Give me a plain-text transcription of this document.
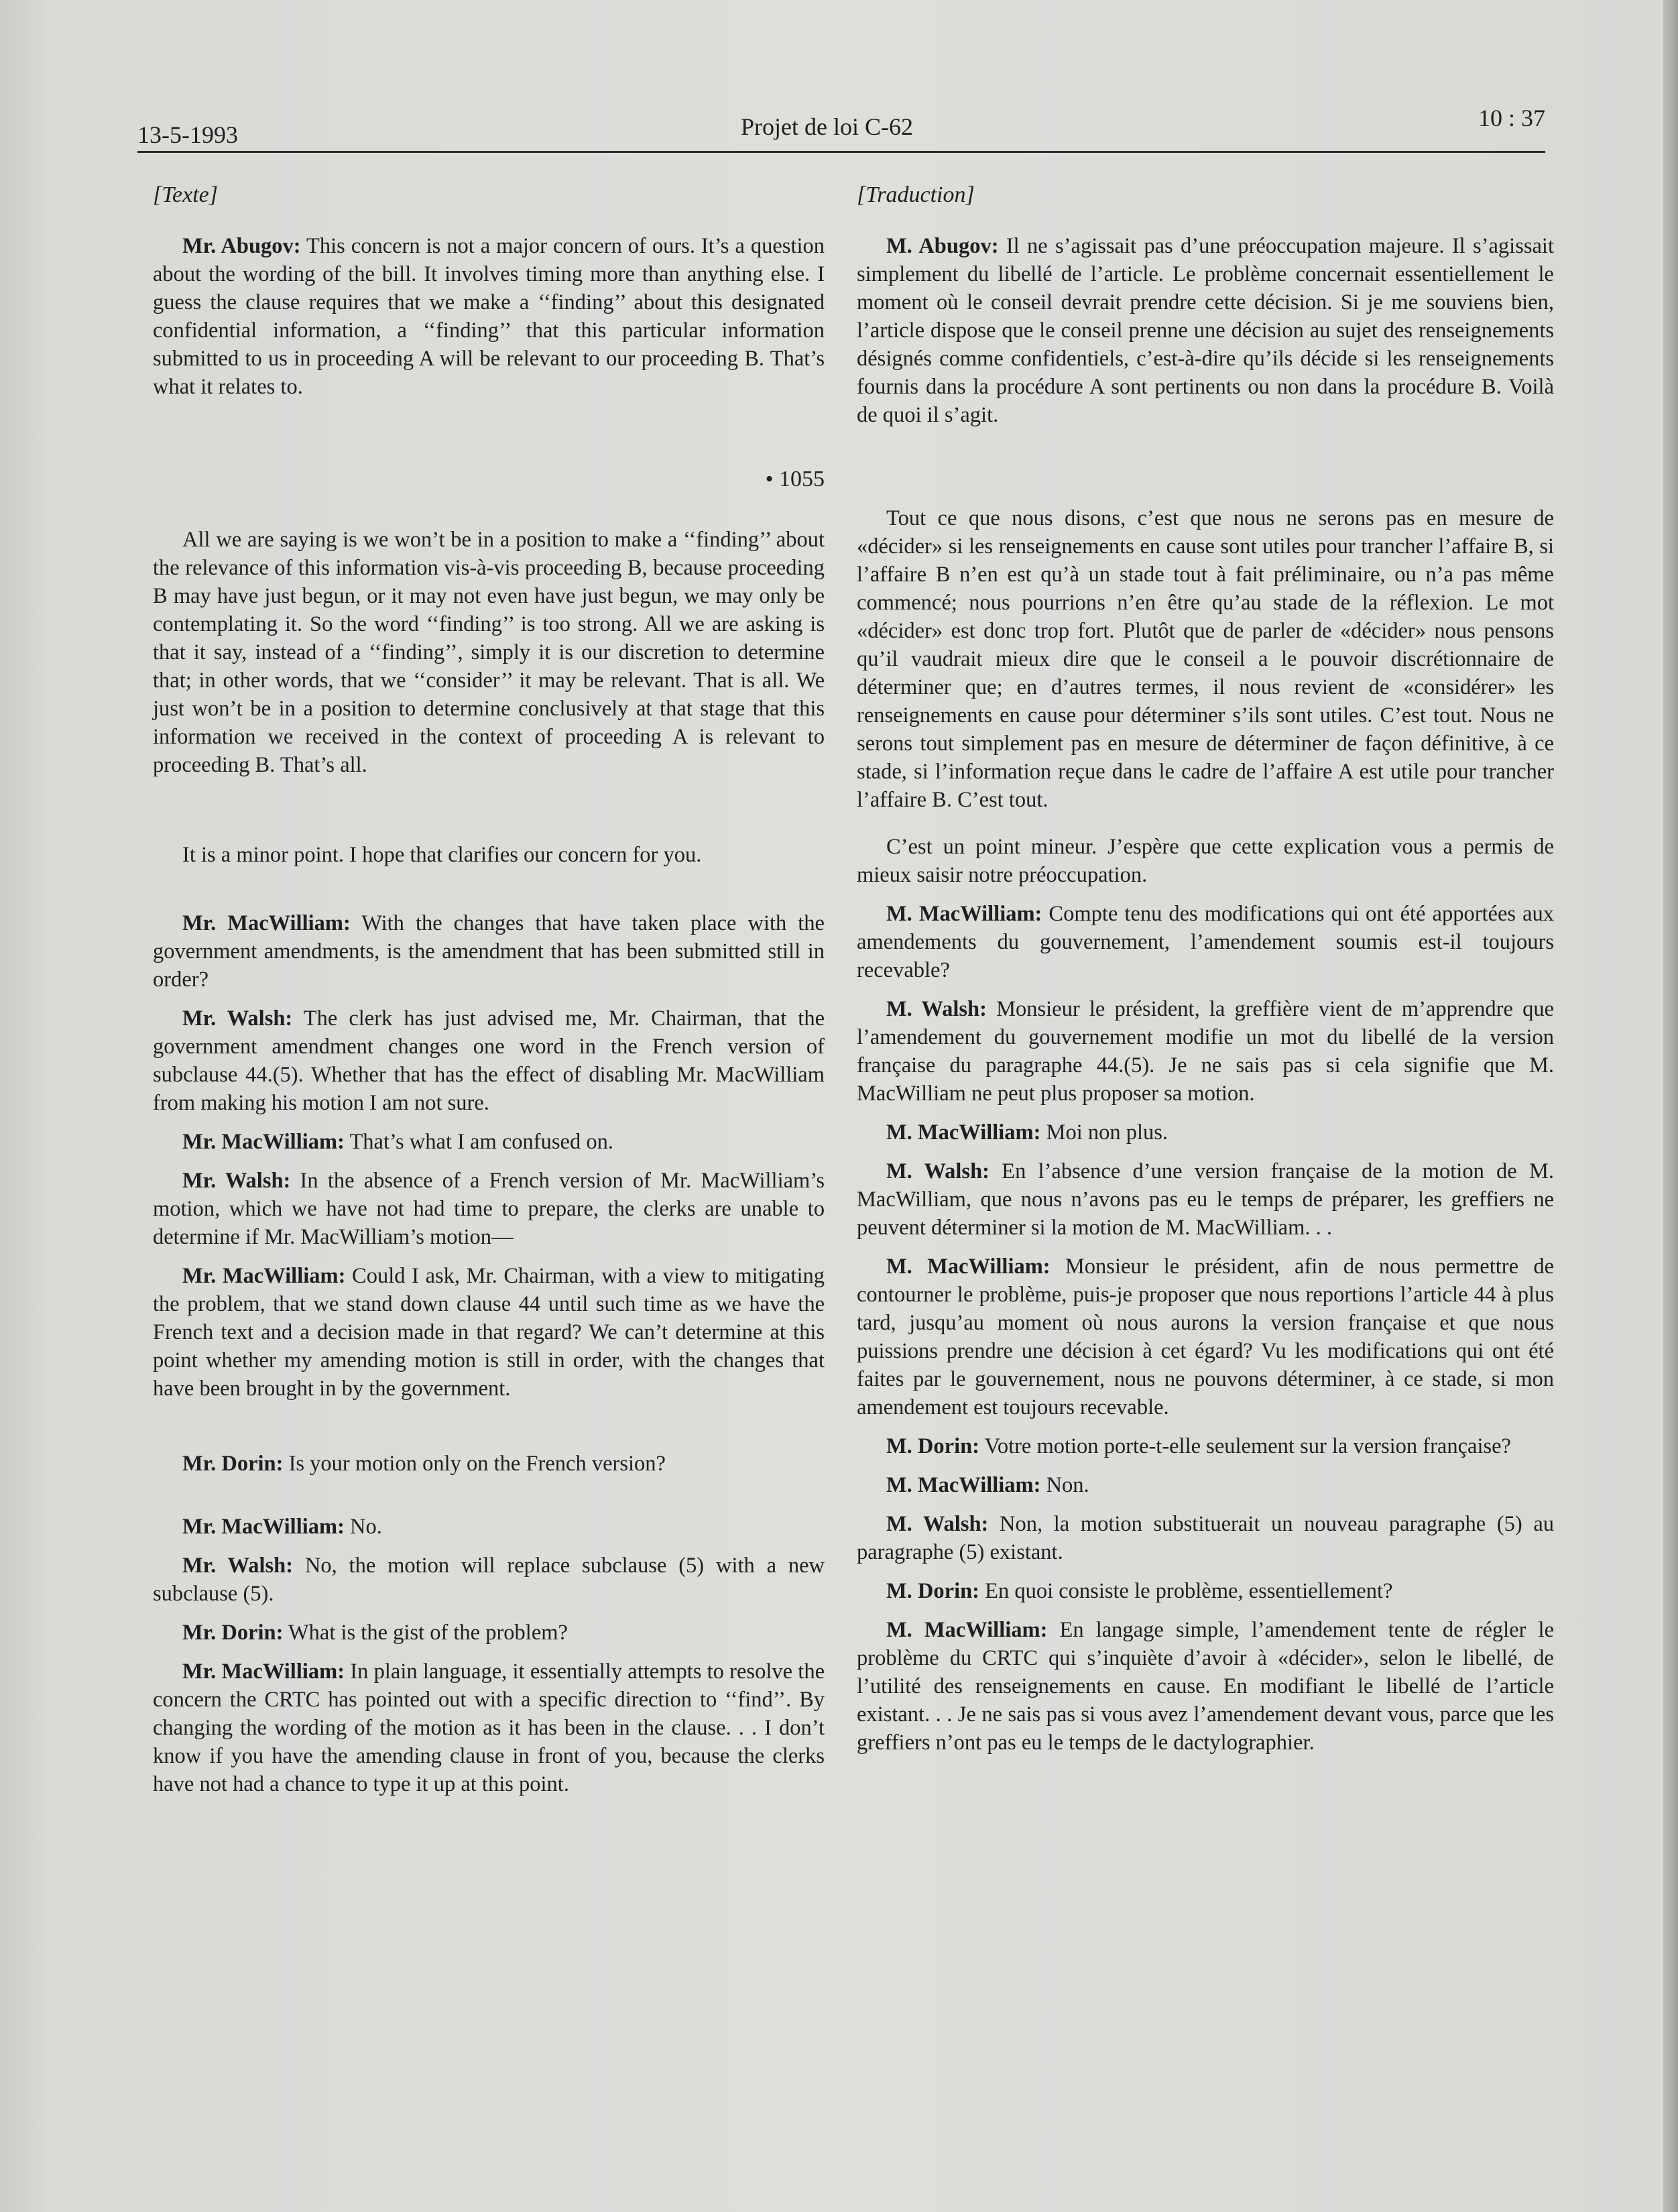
13-5-1993	Projet de loi C-62	10 : 37

[Texte]

Mr. Abugov: This concern is not a major concern of ours. It’s a question about the wording of the bill. It involves timing more than anything else. I guess the clause requires that we make a ‘‘finding’’ about this designated confidential information, a ‘‘finding’’ that this particular information submitted to us in proceeding A will be relevant to our proceeding B. That’s what it relates to.

• 1055

All we are saying is we won’t be in a position to make a ‘‘finding’’ about the relevance of this information vis-à-vis proceeding B, because proceeding B may have just begun, or it may not even have just begun, we may only be contemplating it. So the word ‘‘finding’’ is too strong. All we are asking is that it say, instead of a ‘‘finding’’, simply it is our discretion to determine that; in other words, that we ‘‘consider’’ it may be relevant. That is all. We just won’t be in a position to determine conclusively at that stage that this information we received in the context of proceeding A is relevant to proceeding B. That’s all.

It is a minor point. I hope that clarifies our concern for you.

Mr. MacWilliam: With the changes that have taken place with the government amendments, is the amendment that has been submitted still in order?

Mr. Walsh: The clerk has just advised me, Mr. Chairman, that the government amendment changes one word in the French version of subclause 44.(5). Whether that has the effect of disabling Mr. MacWilliam from making his motion I am not sure.

Mr. MacWilliam: That’s what I am confused on.

Mr. Walsh: In the absence of a French version of Mr. MacWilliam’s motion, which we have not had time to prepare, the clerks are unable to determine if Mr. MacWilliam’s motion—

Mr. MacWilliam: Could I ask, Mr. Chairman, with a view to mitigating the problem, that we stand down clause 44 until such time as we have the French text and a decision made in that regard? We can’t determine at this point whether my amending motion is still in order, with the changes that have been brought in by the government.

Mr. Dorin: Is your motion only on the French version?

Mr. MacWilliam: No.

Mr. Walsh: No, the motion will replace subclause (5) with a new subclause (5).

Mr. Dorin: What is the gist of the problem?

Mr. MacWilliam: In plain language, it essentially attempts to resolve the concern the CRTC has pointed out with a specific direction to ‘‘find’’. By changing the wording of the motion as it has been in the clause. . . I don’t know if you have the amending clause in front of you, because the clerks have not had a chance to type it up at this point.

[Traduction]

M. Abugov: Il ne s’agissait pas d’une préoccupation majeure. Il s’agissait simplement du libellé de l’article. Le problème concernait essentiellement le moment où le conseil devrait prendre cette décision. Si je me souviens bien, l’article dispose que le conseil prenne une décision au sujet des renseignements désignés comme confidentiels, c’est-à-dire qu’ils décide si les renseignements fournis dans la procédure A sont pertinents ou non dans la procédure B. Voilà de quoi il s’agit.

Tout ce que nous disons, c’est que nous ne serons pas en mesure de «décider» si les renseignements en cause sont utiles pour trancher l’affaire B, si l’affaire B n’en est qu’à un stade tout à fait préliminaire, ou n’a pas même commencé; nous pourrions n’en être qu’au stade de la réflexion. Le mot «décider» est donc trop fort. Plutôt que de parler de «décider» nous pensons qu’il vaudrait mieux dire que le conseil a le pouvoir discrétionnaire de déterminer que; en d’autres termes, il nous revient de «considérer» les renseignements en cause pour déterminer s’ils sont utiles. C’est tout. Nous ne serons tout simplement pas en mesure de déterminer de façon définitive, à ce stade, si l’information reçue dans le cadre de l’affaire A est utile pour trancher l’affaire B. C’est tout.

C’est un point mineur. J’espère que cette explication vous a permis de mieux saisir notre préoccupation.

M. MacWilliam: Compte tenu des modifications qui ont été apportées aux amendements du gouvernement, l’amendement soumis est-il toujours recevable?

M. Walsh: Monsieur le président, la greffière vient de m’apprendre que l’amendement du gouvernement modifie un mot du libellé de la version française du paragraphe 44.(5). Je ne sais pas si cela signifie que M. MacWilliam ne peut plus proposer sa motion.

M. MacWilliam: Moi non plus.

M. Walsh: En l’absence d’une version française de la motion de M. MacWilliam, que nous n’avons pas eu le temps de préparer, les greffiers ne peuvent déterminer si la motion de M. MacWilliam. . .

M. MacWilliam: Monsieur le président, afin de nous permettre de contourner le problème, puis-je proposer que nous reportions l’article 44 à plus tard, jusqu’au moment où nous aurons la version française et que nous puissions prendre une décision à cet égard? Vu les modifications qui ont été faites par le gouvernement, nous ne pouvons déterminer, à ce stade, si mon amendement est toujours recevable.

M. Dorin: Votre motion porte-t-elle seulement sur la version française?

M. MacWilliam: Non.

M. Walsh: Non, la motion substituerait un nouveau paragraphe (5) au paragraphe (5) existant.

M. Dorin: En quoi consiste le problème, essentiellement?

M. MacWilliam: En langage simple, l’amendement tente de régler le problème du CRTC qui s’inquiète d’avoir à «décider», selon le libellé, de l’utilité des renseignements en cause. En modifiant le libellé de l’article existant. . . Je ne sais pas si vous avez l’amendement devant vous, parce que les greffiers n’ont pas eu le temps de le dactylographier.
